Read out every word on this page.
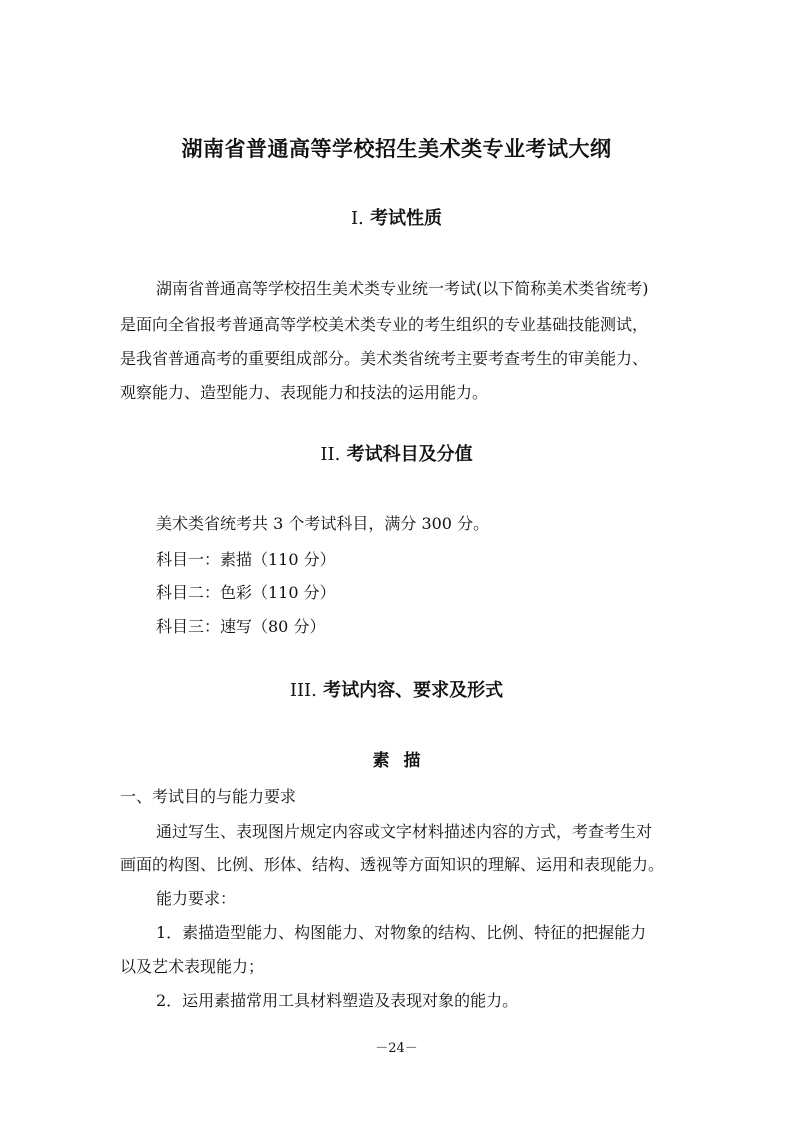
湖南省普通高等学校招生美术类专业考试大纲
I. 考试性质
湖南省普通高等学校招生美术类专业统一考试(以下简称美术类省统考)
是面向全省报考普通高等学校美术类专业的考生组织的专业基础技能测试，
是我省普通高考的重要组成部分。美术类省统考主要考查考生的审美能力、
观察能力、造型能力、表现能力和技法的运用能力。
II. 考试科目及分值
美术类省统考共 3 个考试科目，满分 300 分。
科目一：素描（110 分）
科目二：色彩（110 分）
科目三：速写（80 分）
III. 考试内容、要求及形式
素描
一、考试目的与能力要求
通过写生、表现图片规定内容或文字材料描述内容的方式，考查考生对
画面的构图、比例、形体、结构、透视等方面知识的理解、运用和表现能力。
能力要求：
1．素描造型能力、构图能力、对物象的结构、比例、特征的把握能力
以及艺术表现能力；
2．运用素描常用工具材料塑造及表现对象的能力。
－24－
